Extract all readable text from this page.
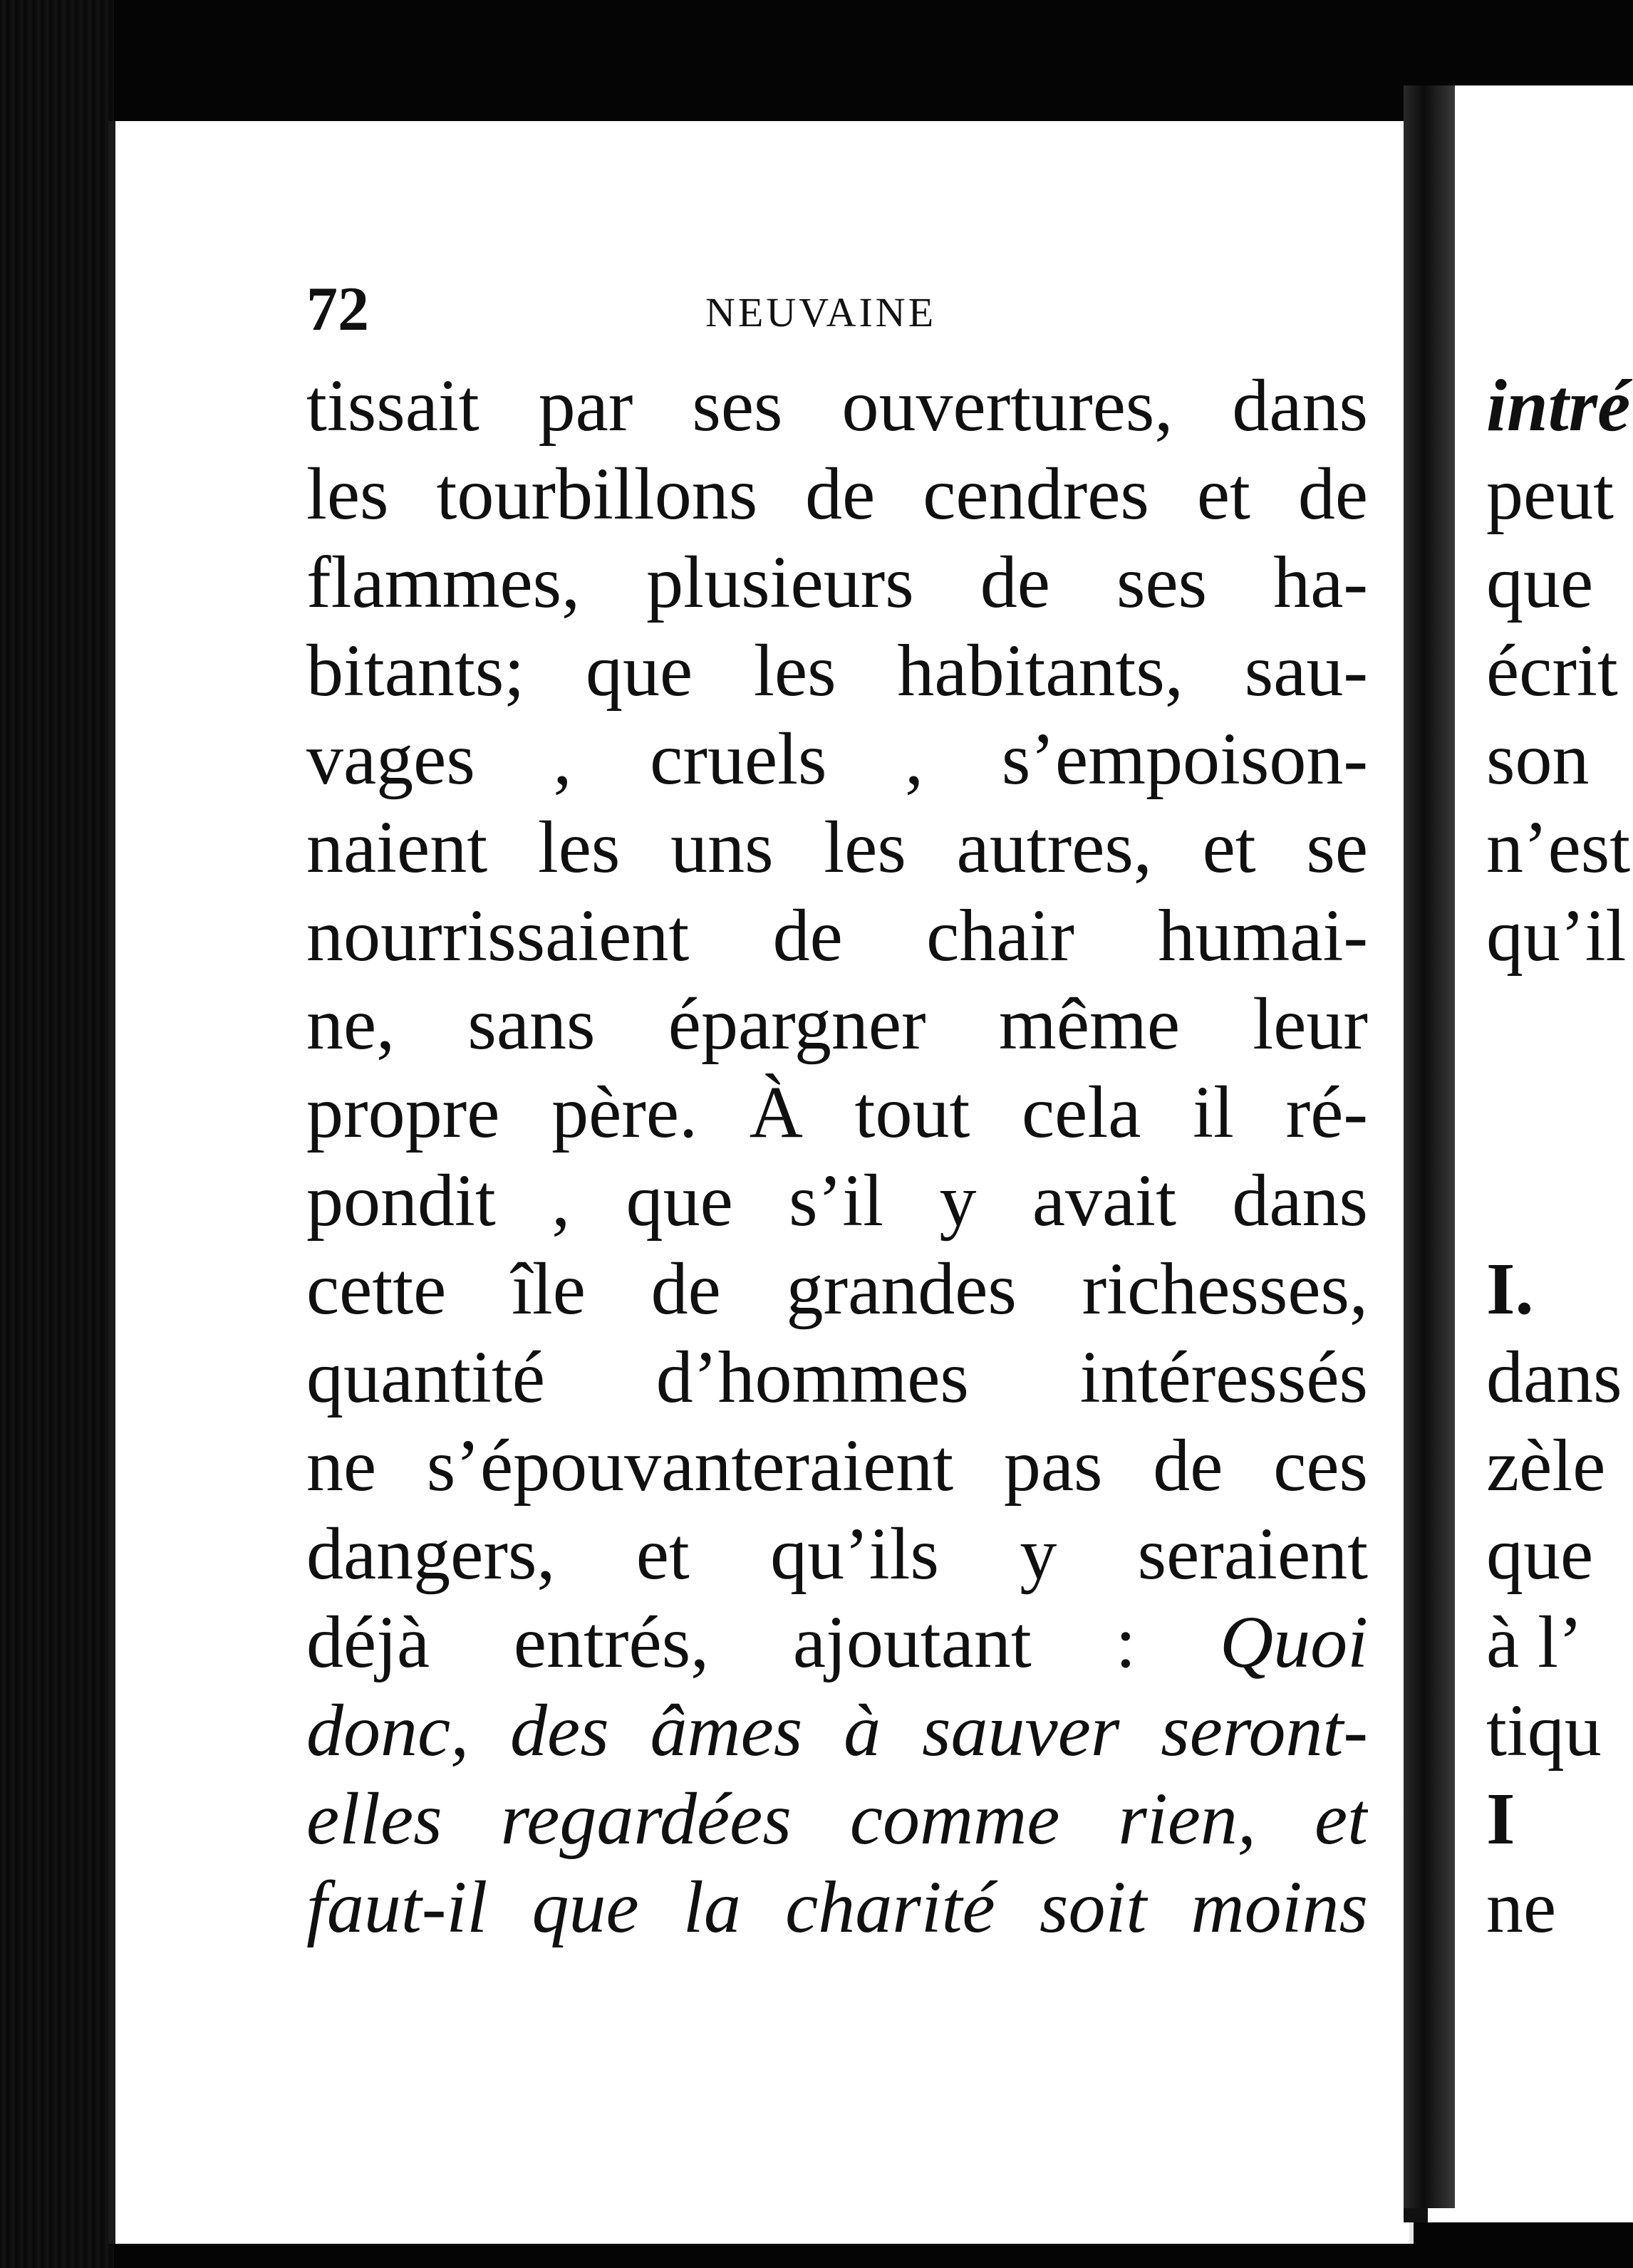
72	NEUVAINE
tissait par ses ouvertures, dans
les tourbillons de cendres et de
flammes, plusieurs de ses ha-
bitants; que les habitants, sau-
vages , cruels , s’empoison-
naient les uns les autres, et se
nourrissaient de chair humai-
ne, sans épargner même leur
propre père. À tout cela il ré-
pondit , que s’il y avait dans
cette île de grandes richesses,
quantité d’hommes intéressés
ne s’épouvanteraient pas de ces
dangers, et qu’ils y seraient
déjà entrés, ajoutant : Quoi
donc, des âmes à sauver seront-
elles regardées comme rien, et
faut-il que la charité soit moins
intré
peut
que
écrit
son
n’est
qu’il
I.
dans
zèle
que
à l’
tiqu
I
ne
